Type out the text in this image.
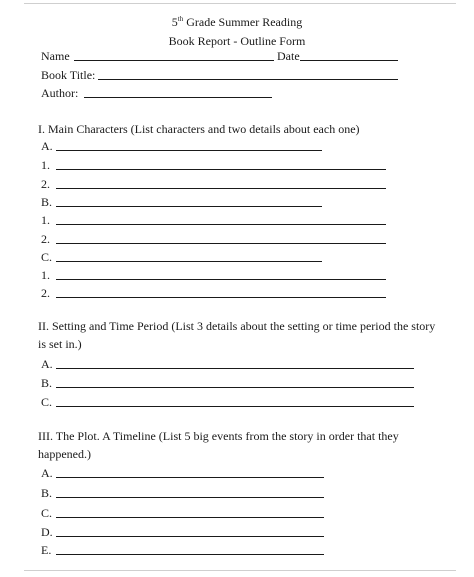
5th Grade Summer Reading
Book Report - Outline Form
Name	Date
Book Title:
Author:
I. Main Characters (List characters and two details about each one)
A.
1.
2.
B.
1.
2.
C.
1.
2.
II. Setting and Time Period (List 3 details about the setting or time period the story
is set in.)
A.
B.
C.
III. The Plot. A Timeline (List 5 big events from the story in order that they
happened.)
A.
B.
C.
D.
E.
